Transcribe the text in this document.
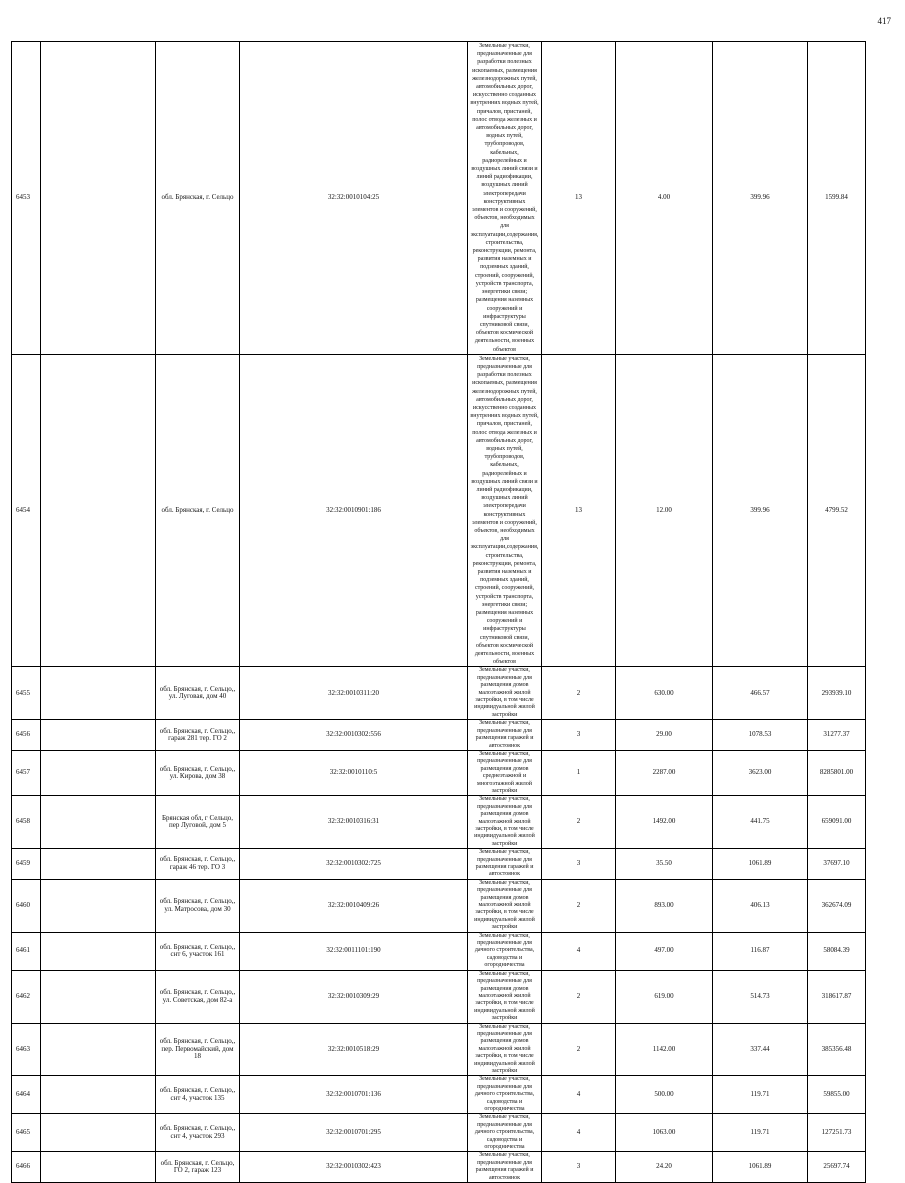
417
6453		обл. Брянская, г. Сельцо	32:32:0010104:25	Земельные участки, предназначенные для разработки полезных ископаемых, размещения железнодорожных путей, автомобильных дорог, искусственно созданных внутренних водных путей, причалов, пристаней, полос отвода железных и автомобильных дорог, водных путей, трубопроводов, кабельных, радиорелейных и воздушных линий связи и линий радиофикации, воздушных линий электропередачи конструктивных элементов и сооружений, объектов, необходимых для эксплуатации,содержания, строительства, реконструкции, ремонта, развития наземных и подземных зданий, строений, сооружений, устройств транспорта, энергетики связи; размещения наземных сооружений и инфраструктуры спутниковой связи, объектов космической деятельности, военных объектов	13	4.00	399.96	1599.84
6454		обл. Брянская, г. Сельцо	32:32:0010901:186	Земельные участки, предназначенные для разработки полезных ископаемых, размещения железнодорожных путей, автомобильных дорог, искусственно созданных внутренних водных путей, причалов, пристаней, полос отвода железных и автомобильных дорог, водных путей, трубопроводов, кабельных, радиорелейных и воздушных линий связи и линий радиофикации, воздушных линий электропередачи конструктивных элементов и сооружений, объектов, необходимых для эксплуатации,содержания, строительства, реконструкции, ремонта, развития наземных и подземных зданий, строений, сооружений, устройств транспорта, энергетики связи; размещения наземных сооружений и инфраструктуры спутниковой связи, объектов космической деятельности, военных объектов	13	12.00	399.96	4799.52
6455		обл. Брянская, г. Сельцо,, ул. Луговая, дом 40	32:32:0010311:20	Земельные участки, предназначенные для размещения домов малоэтажной жилой застройки, в том числе индивидуальной жилой застройки	2	630.00	466.57	293939.10
6456		обл. Брянская, г. Сельцо,, гараж 281 тер. ГО 2	32:32:0010302:556	Земельные участки, предназначенные для размещения гаражей и автостоянок	3	29.00	1078.53	31277.37
6457		обл. Брянская, г. Сельцо,, ул. Кирова, дом 38	32:32:0010110:5	Земельные участки, предназначенные для размещения домов среднеэтажной и многоэтажной жилой застройки	1	2287.00	3623.00	8285801.00
6458		Брянская обл, г Сельцо, пер Луговой, дом 5	32:32:0010316:31	Земельные участки, предназначенные для размещения домов малоэтажной жилой застройки, в том числе индивидуальной жилой застройки	2	1492.00	441.75	659091.00
6459		обл. Брянская, г. Сельцо,, гараж 46 тер. ГО 3	32:32:0010302:725	Земельные участки, предназначенные для размещения гаражей и автостоянок	3	35.50	1061.89	37697.10
6460		обл. Брянская, г. Сельцо,, ул. Матросова, дом 30	32:32:0010409:26	Земельные участки, предназначенные для размещения домов малоэтажной жилой застройки, в том числе индивидуальной жилой застройки	2	893.00	406.13	362674.09
6461		обл. Брянская, г. Сельцо,, снт 6, участок 161	32:32:0011101:190	Земельные участки, предназначенные для дачного строительства, садоводства и огородничества	4	497.00	116.87	58084.39
6462		обл. Брянская, г. Сельцо,, ул. Советская, дом 82-а	32:32:0010309:29	Земельные участки, предназначенные для размещения домов малоэтажной жилой застройки, в том числе индивидуальной жилой застройки	2	619.00	514.73	318617.87
6463		обл. Брянская, г. Сельцо,, пер. Первомайский, дом 18	32:32:0010518:29	Земельные участки, предназначенные для размещения домов малоэтажной жилой застройки, в том числе индивидуальной жилой застройки	2	1142.00	337.44	385356.48
6464		обл. Брянская, г. Сельцо,, снт 4, участок 135	32:32:0010701:136	Земельные участки, предназначенные для дачного строительства, садоводства и огородничества	4	500.00	119.71	59855.00
6465		обл. Брянская, г. Сельцо,, снт 4, участок 293	32:32:0010701:295	Земельные участки, предназначенные для дачного строительства, садоводства и огородничества	4	1063.00	119.71	127251.73
6466		обл. Брянская, г. Сельцо, ГО 2, гараж 123	32:32:0010302:423	Земельные участки, предназначенные для размещения гаражей и автостоянок	3	24.20	1061.89	25697.74
